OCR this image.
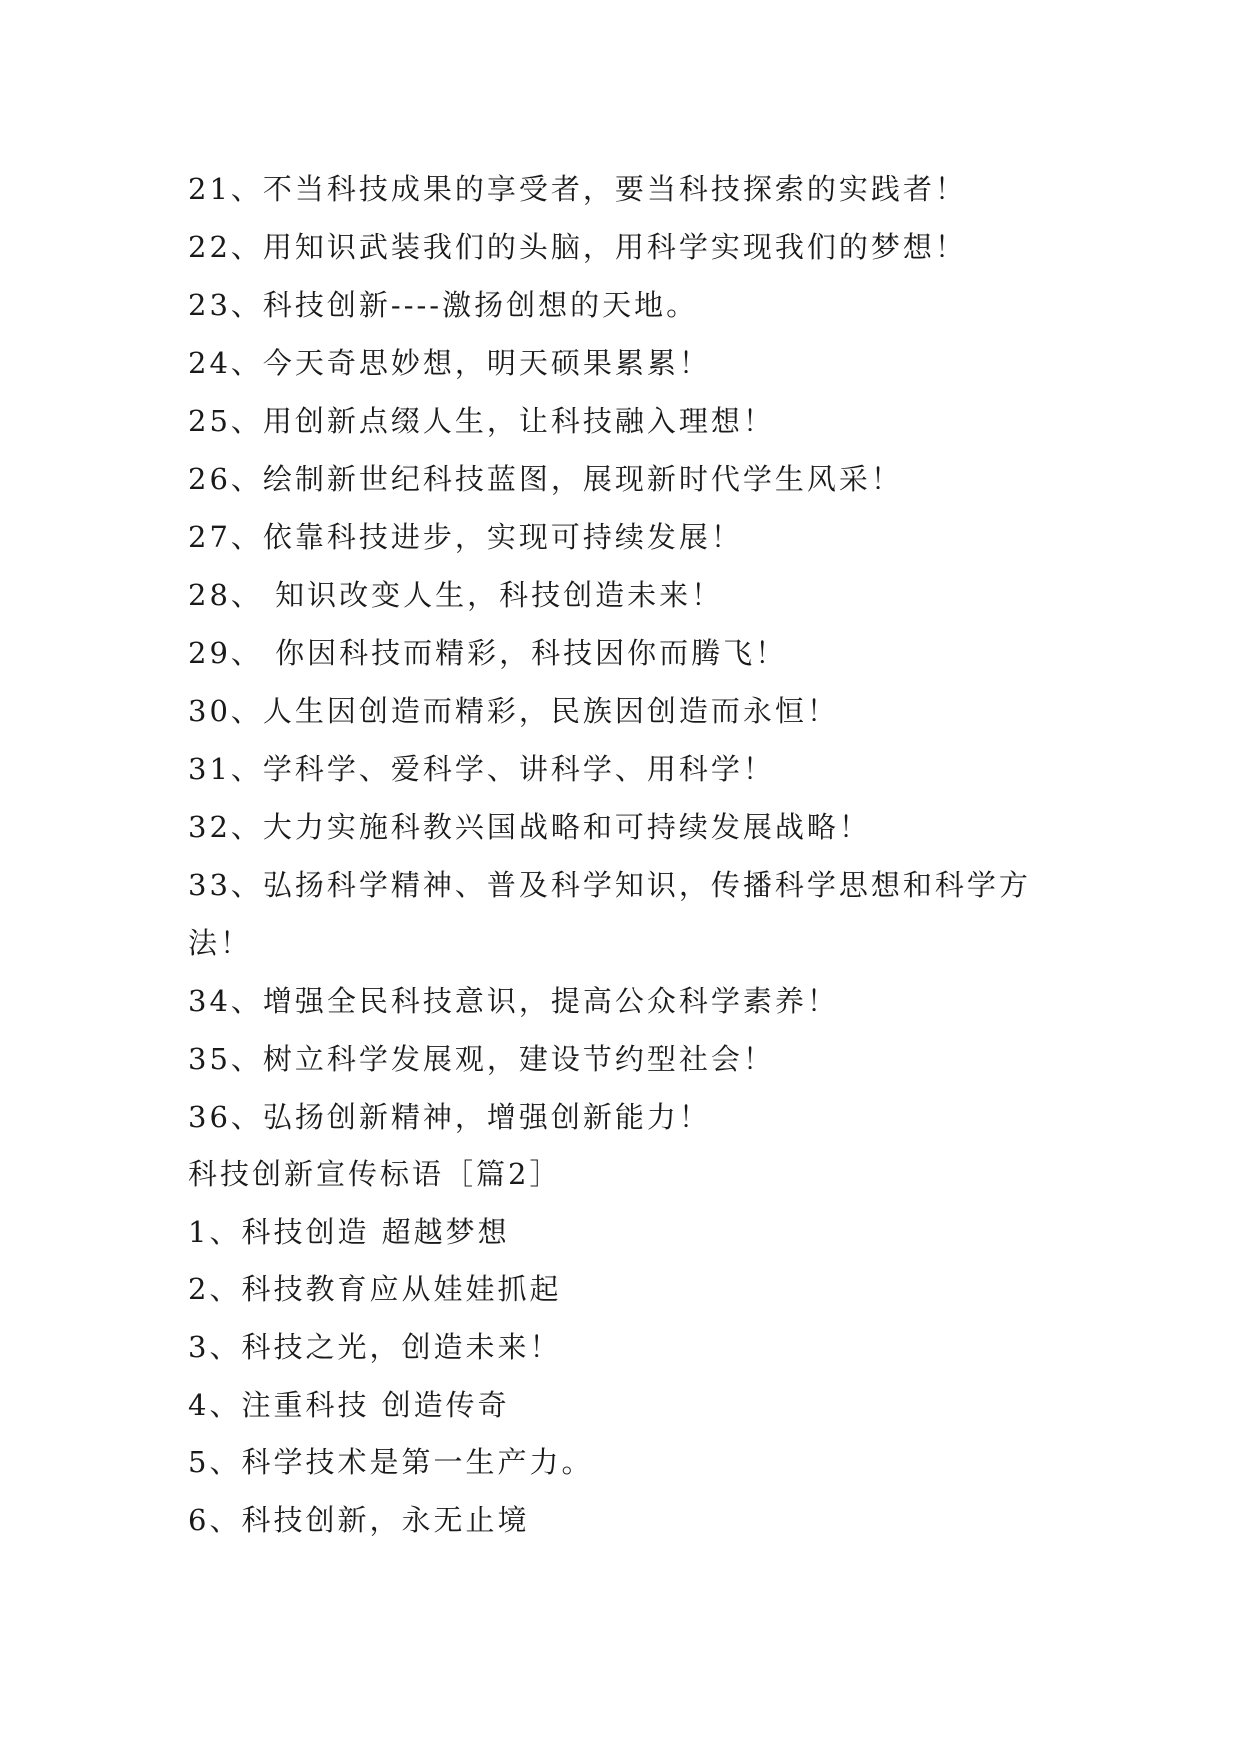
21、不当科技成果的享受者，要当科技探索的实践者！
22、用知识武装我们的头脑，用科学实现我们的梦想！
23、科技创新----激扬创想的天地。
24、今天奇思妙想，明天硕果累累！
25、用创新点缀人生，让科技融入理想！
26、绘制新世纪科技蓝图，展现新时代学生风采！
27、依靠科技进步，实现可持续发展！
28、 知识改变人生，科技创造未来！
29、 你因科技而精彩，科技因你而腾飞！
30、人生因创造而精彩，民族因创造而永恒！
31、学科学、爱科学、讲科学、用科学！
32、大力实施科教兴国战略和可持续发展战略！
33、弘扬科学精神、普及科学知识，传播科学思想和科学方
法！
34、增强全民科技意识，提高公众科学素养！
35、树立科学发展观，建设节约型社会！
36、弘扬创新精神，增强创新能力！
科技创新宣传标语［篇2］
1、科技创造 超越梦想
2、科技教育应从娃娃抓起
3、科技之光，创造未来！
4、注重科技 创造传奇
5、科学技术是第一生产力。
6、科技创新，永无止境
